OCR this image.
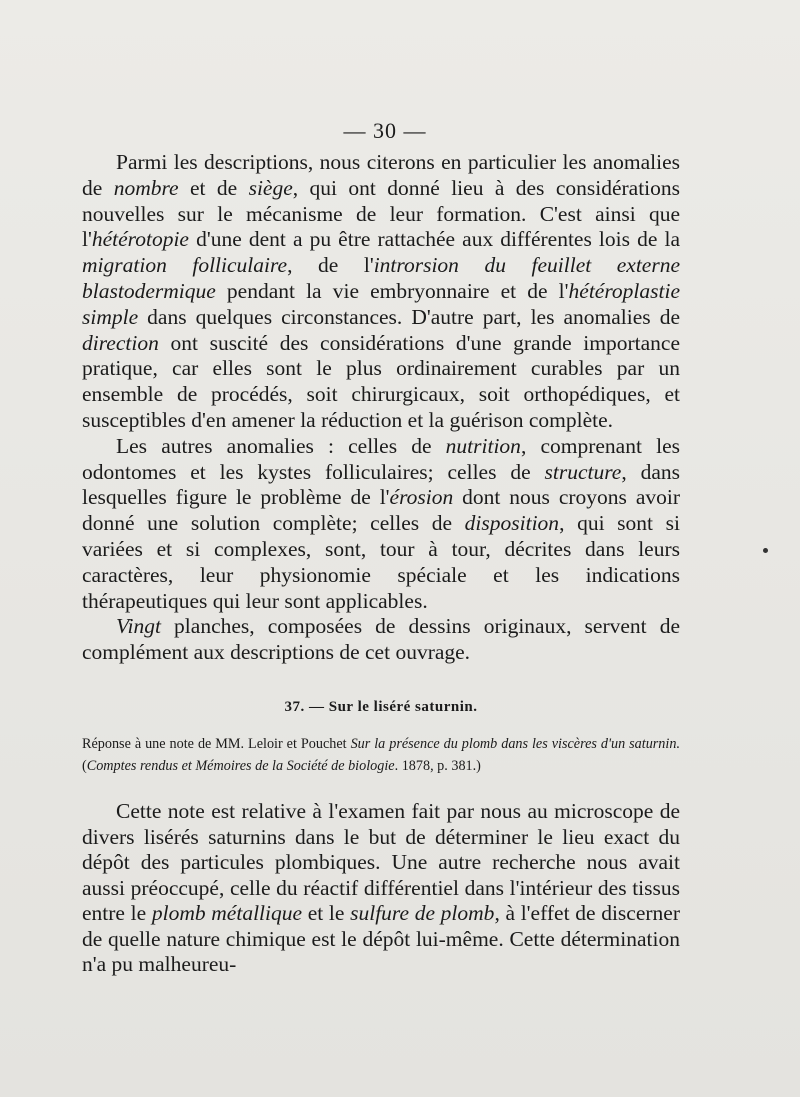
— 30 —

Parmi les descriptions, nous citerons en particulier les anomalies de nombre et de siège, qui ont donné lieu à des considérations nouvelles sur le mécanisme de leur formation. C'est ainsi que l'hétérotopie d'une dent a pu être rattachée aux différentes lois de la migration folliculaire, de l'introrsion du feuillet externe blastodermique pendant la vie embryonnaire et de l'hétéroplastie simple dans quelques circonstances. D'autre part, les anomalies de direction ont suscité des considérations d'une grande importance pratique, car elles sont le plus ordinairement curables par un ensemble de procédés, soit chirurgicaux, soit orthopédiques, et susceptibles d'en amener la réduction et la guérison complète.

Les autres anomalies : celles de nutrition, comprenant les odontomes et les kystes folliculaires; celles de structure, dans lesquelles figure le problème de l'érosion dont nous croyons avoir donné une solution complète; celles de disposition, qui sont si variées et si complexes, sont, tour à tour, décrites dans leurs caractères, leur physionomie spéciale et les indications thérapeutiques qui leur sont applicables.

Vingt planches, composées de dessins originaux, servent de complément aux descriptions de cet ouvrage.

37. — Sur le liséré saturnin.

Réponse à une note de MM. Leloir et Pouchet Sur la présence du plomb dans les viscères d'un saturnin. (Comptes rendus et Mémoires de la Société de biologie. 1878, p. 381.)

Cette note est relative à l'examen fait par nous au microscope de divers lisérés saturnins dans le but de déterminer le lieu exact du dépôt des particules plombiques. Une autre recherche nous avait aussi préoccupé, celle du réactif différentiel dans l'intérieur des tissus entre le plomb métallique et le sulfure de plomb, à l'effet de discerner de quelle nature chimique est le dépôt lui-même. Cette détermination n'a pu malheureu-
